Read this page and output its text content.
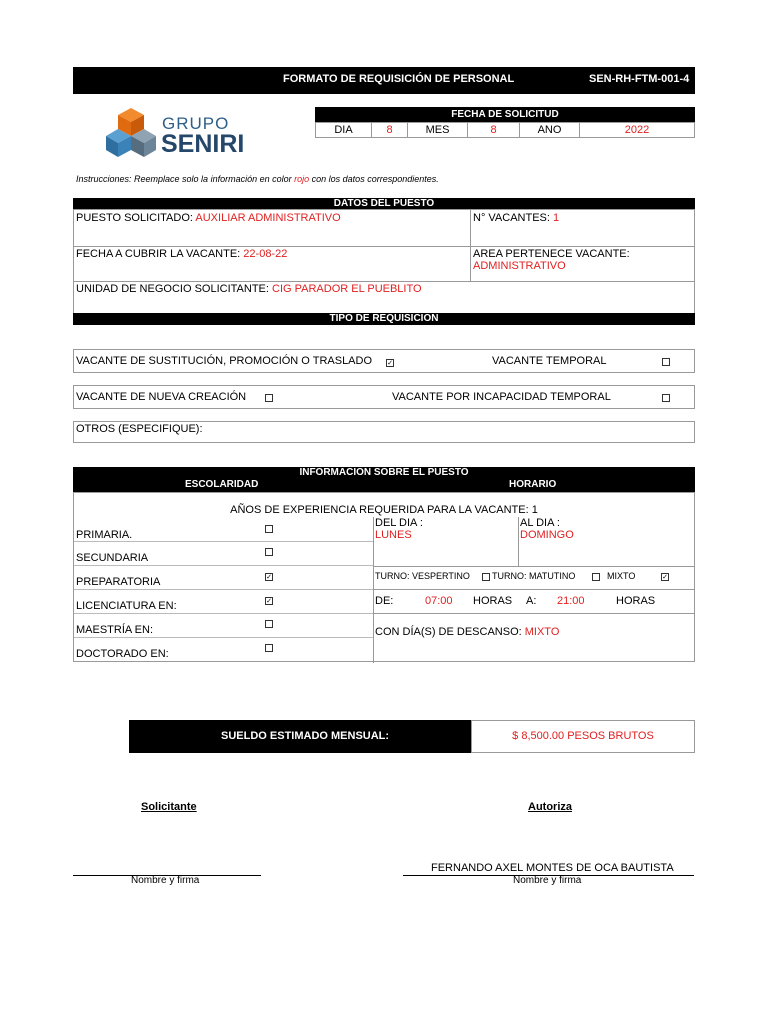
FORMATO DE REQUISICIÓN DE PERSONAL	SEN-RH-FTM-001-4
GRUPO
SENIRI
FECHA DE SOLICITUD
DIA	8	MES	8	ANO	2022
Instrucciones: Reemplace solo la información en color rojo con los datos correspondientes.
DATOS DEL PUESTO
PUESTO SOLICITADO: AUXILIAR ADMINISTRATIVO	N° VACANTES: 1
FECHA A CUBRIR LA VACANTE: 22-08-22	AREA PERTENECE VACANTE:
ADMINISTRATIVO
UNIDAD DE NEGOCIO SOLICITANTE: CIG PARADOR EL PUEBLITO
TIPO DE REQUISICION
VACANTE DE SUSTITUCIÓN, PROMOCIÓN O TRASLADO
✓	VACANTE TEMPORAL
VACANTE DE NUEVA CREACIÓN	VACANTE POR INCAPACIDAD TEMPORAL
OTROS (ESPECIFIQUE):
INFORMACION SOBRE EL PUESTO
ESCOLARIDAD	HORARIO
AÑOS DE EXPERIENCIA REQUERIDA PARA LA VACANTE: 1
PRIMARIA.
SECUNDARIA
PREPARATORIA
✓
LICENCIATURA EN:
✓
MAESTRÍA EN:
DOCTORADO EN:
DEL DIA :
LUNES
AL DIA :
DOMINGO
TURNO: VESPERTINO TURNO: MATUTINO	MIXTO
✓
DE:	07:00 HORAS A: 21:00	HORAS
CON DÍA(S) DE DESCANSO: MIXTO
SUELDO ESTIMADO MENSUAL:	$ 8,500.00 PESOS BRUTOS
Solicitante	Autoriza
FERNANDO AXEL MONTES DE OCA BAUTISTA
Nombre y firma	Nombre y firma
